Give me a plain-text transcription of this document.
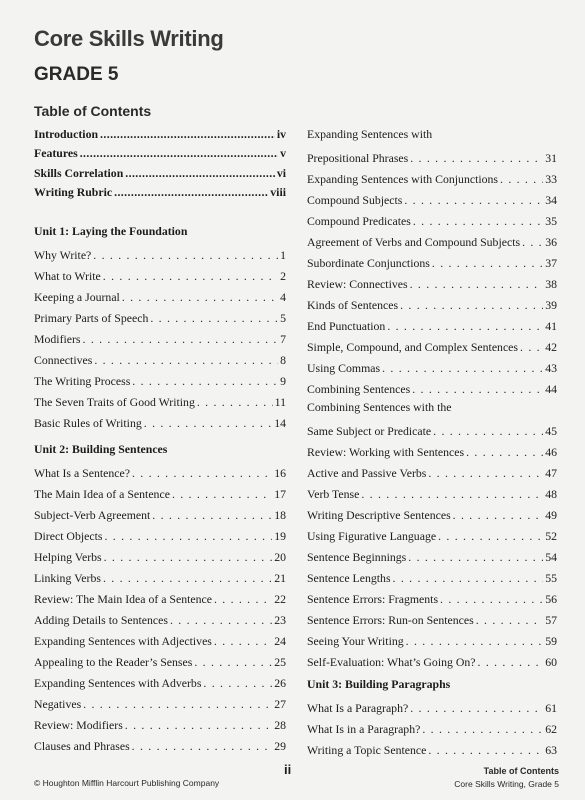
Core Skills Writing
GRADE 5
Table of Contents
Introduction .....	iv
Features .....	v
Skills Correlation .....	vi
Writing Rubric .....	viii
Unit 1: Laying the Foundation
Why Write? . . .	1
What to Write . . .	2
Keeping a Journal . . .	4
Primary Parts of Speech . . .	5
Modifiers . . .	7
Connectives . . .	8
The Writing Process . . .	9
The Seven Traits of Good Writing . . .	11
Basic Rules of Writing . . .	14
Unit 2: Building Sentences
What Is a Sentence? . . .	16
The Main Idea of a Sentence . . .	17
Subject-Verb Agreement . . .	18
Direct Objects . . .	19
Helping Verbs . . .	20
Linking Verbs . . .	21
Review: The Main Idea of a Sentence . . .	22
Adding Details to Sentences . . .	23
Expanding Sentences with Adjectives . . .	24
Appealing to the Reader’s Senses . . .	25
Expanding Sentences with Adverbs . . .	26
Negatives . . .	27
Review: Modifiers . . .	28
Clauses and Phrases . . .	29
Expanding Sentences with
Prepositional Phrases . . .	31
Expanding Sentences with Conjunctions . . .	33
Compound Subjects . . .	34
Compound Predicates . . .	35
Agreement of Verbs and Compound Subjects . . . 36
Subordinate Conjunctions . . .	37
Review: Connectives . . .	38
Kinds of Sentences . . .	39
End Punctuation . . .	41
Simple, Compound, and Complex Sentences . . . 42
Using Commas . . .	43
Combining Sentences . . .	44
Combining Sentences with the
Same Subject or Predicate . . .	45
Review: Working with Sentences . . .	46
Active and Passive Verbs . . .	47
Verb Tense . . .	48
Writing Descriptive Sentences . . .	49
Using Figurative Language . . .	52
Sentence Beginnings . . .	54
Sentence Lengths . . .	55
Sentence Errors: Fragments . . .	56
Sentence Errors: Run-on Sentences . . .	57
Seeing Your Writing . . .	59
Self-Evaluation: What’s Going On? . . .	60
Unit 3: Building Paragraphs
What Is a Paragraph? . . .	61
What Is in a Paragraph? . . .	62
Writing a Topic Sentence . . .	63
ii
© Houghton Mifflin Harcourt Publishing Company
Table of Contents
Core Skills Writing, Grade 5
